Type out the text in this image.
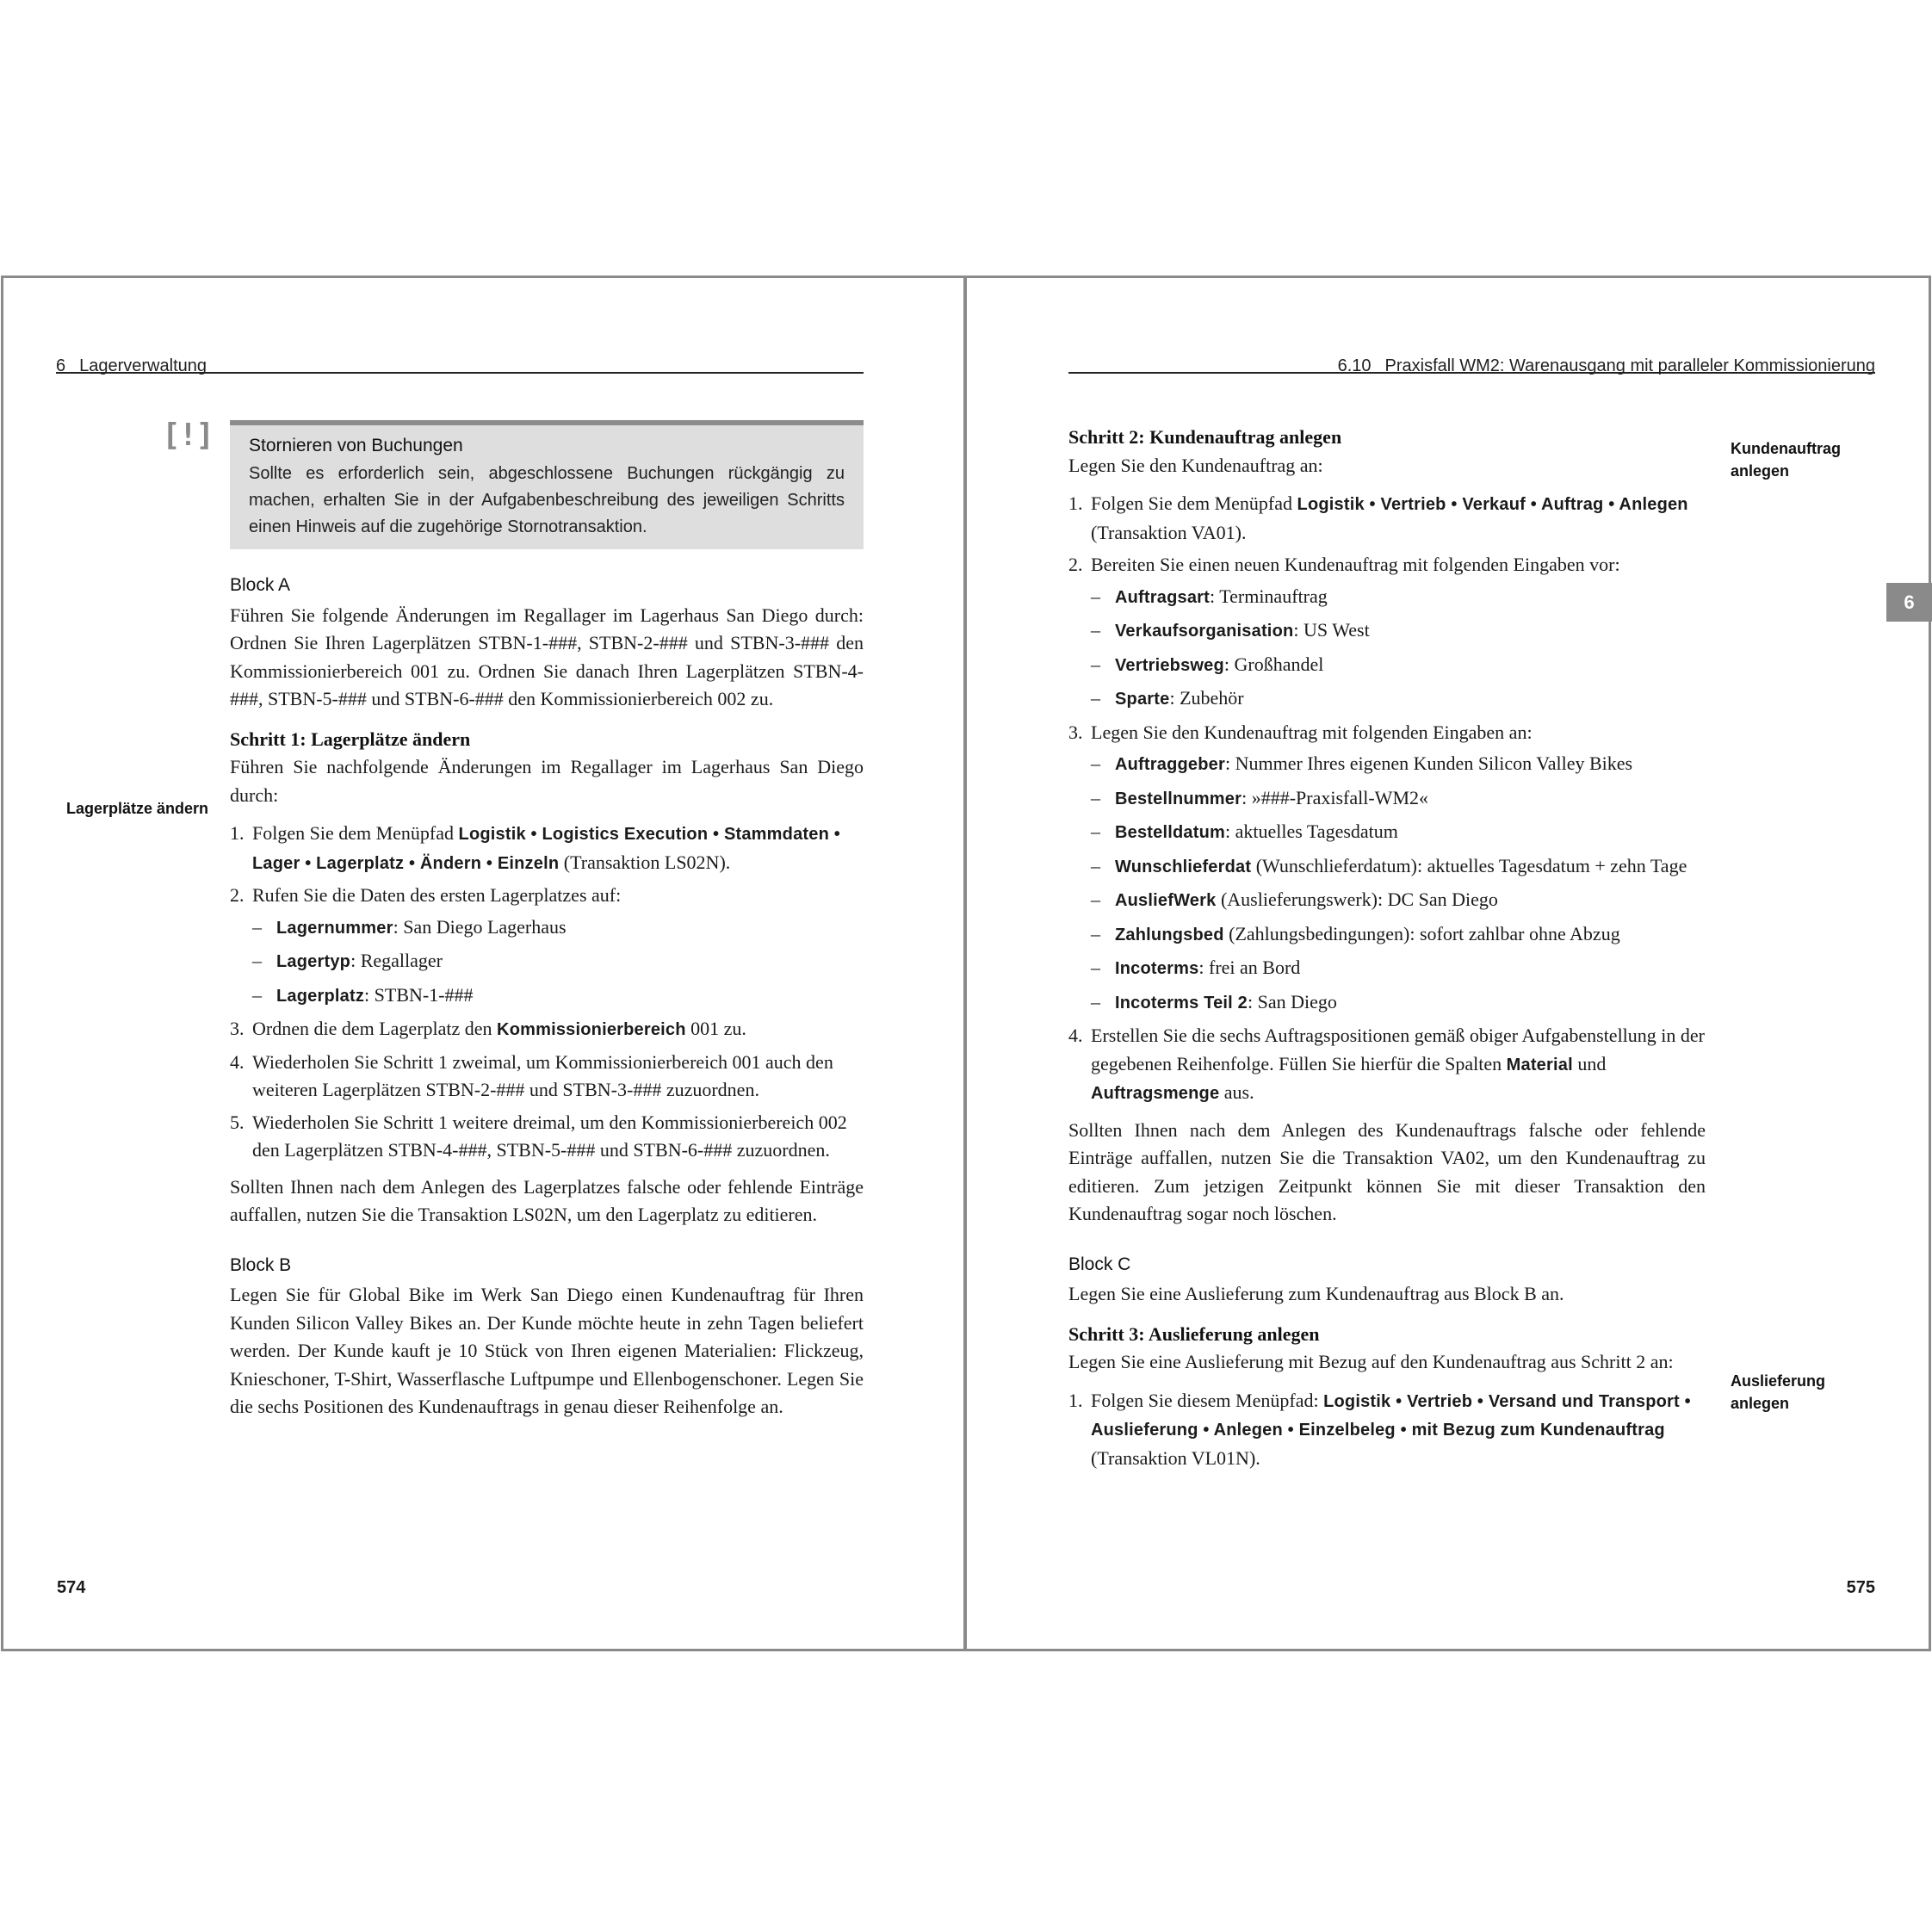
6 Lagerverwaltung
[!]
Lagerplätze ändern
Stornieren von Buchungen
Sollte es erforderlich sein, abgeschlossene Buchungen rückgängig zu machen, erhalten Sie in der Aufgabenbeschreibung des jeweiligen Schritts einen Hinweis auf die zugehörige Stornotransaktion.
Block A

Führen Sie folgende Änderungen im Regallager im Lagerhaus San Diego durch: Ordnen Sie Ihren Lagerplätzen STBN-1-###, STBN-2-### und STBN-3-### den Kommissionierbereich 001 zu. Ordnen Sie danach Ihren Lagerplätzen STBN-4-###, STBN-5-### und STBN-6-### den Kommissionierbereich 002 zu.

Schritt 1: Lagerplätze ändern

Führen Sie nachfolgende Änderungen im Regallager im Lagerhaus San Diego durch:

1. Folgen Sie dem Menüpfad Logistik • Logistics Execution • Stammdaten • Lager • Lagerplatz • Ändern • Einzeln (Transaktion LS02N).
2. Rufen Sie die Daten des ersten Lagerplatzes auf:
– Lagernummer: San Diego Lagerhaus
– Lagertyp: Regallager
– Lagerplatz: STBN-1-###
3. Ordnen die dem Lagerplatz den Kommissionierbereich 001 zu.
4. Wiederholen Sie Schritt 1 zweimal, um Kommissionierbereich 001 auch den weiteren Lagerplätzen STBN-2-### und STBN-3-### zuzuordnen.
5. Wiederholen Sie Schritt 1 weitere dreimal, um den Kommissionierbereich 002 den Lagerplätzen STBN-4-###, STBN-5-### und STBN-6-### zuzuordnen.

Sollten Ihnen nach dem Anlegen des Lagerplatzes falsche oder fehlende Einträge auffallen, nutzen Sie die Transaktion LS02N, um den Lagerplatz zu editieren.

Block B

Legen Sie für Global Bike im Werk San Diego einen Kundenauftrag für Ihren Kunden Silicon Valley Bikes an. Der Kunde möchte heute in zehn Tagen beliefert werden. Der Kunde kauft je 10 Stück von Ihren eigenen Materialien: Flickzeug, Knieschoner, T-Shirt, Wasserflasche Luftpumpe und Ellenbogenschoner. Legen Sie die sechs Positionen des Kundenauftrags in genau dieser Reihenfolge an.

574
6.10 Praxisfall WM2: Warenausgang mit paralleler Kommissionierung
Kundenauftrag anlegen
Auslieferung anlegen
Schritt 2: Kundenauftrag anlegen

Legen Sie den Kundenauftrag an:

1. Folgen Sie dem Menüpfad Logistik • Vertrieb • Verkauf • Auftrag • Anlegen (Transaktion VA01).
2. Bereiten Sie einen neuen Kundenauftrag mit folgenden Eingaben vor:
– Auftragsart: Terminauftrag
– Verkaufsorganisation: US West
– Vertriebsweg: Großhandel
– Sparte: Zubehör
3. Legen Sie den Kundenauftrag mit folgenden Eingaben an:
– Auftraggeber: Nummer Ihres eigenen Kunden Silicon Valley Bikes
– Bestellnummer: »###-Praxisfall-WM2«
– Bestelldatum: aktuelles Tagesdatum
– Wunschlieferdat (Wunschlieferdatum): aktuelles Tagesdatum + zehn Tage
– AusliefWerk (Auslieferungswerk): DC San Diego
– Zahlungsbed (Zahlungsbedingungen): sofort zahlbar ohne Abzug
– Incoterms: frei an Bord
– Incoterms Teil 2: San Diego
4. Erstellen Sie die sechs Auftragspositionen gemäß obiger Aufgabenstellung in der gegebenen Reihenfolge. Füllen Sie hierfür die Spalten Material und Auftragsmenge aus.

Sollten Ihnen nach dem Anlegen des Kundenauftrags falsche oder fehlende Einträge auffallen, nutzen Sie die Transaktion VA02, um den Kundenauftrag zu editieren. Zum jetzigen Zeitpunkt können Sie mit dieser Transaktion den Kundenauftrag sogar noch löschen.

Block C

Legen Sie eine Auslieferung zum Kundenauftrag aus Block B an.

Schritt 3: Auslieferung anlegen

Legen Sie eine Auslieferung mit Bezug auf den Kundenauftrag aus Schritt 2 an:

1. Folgen Sie diesem Menüpfad: Logistik • Vertrieb • Versand und Transport • Auslieferung • Anlegen • Einzelbeleg • mit Bezug zum Kundenauftrag (Transaktion VL01N).
6
575
